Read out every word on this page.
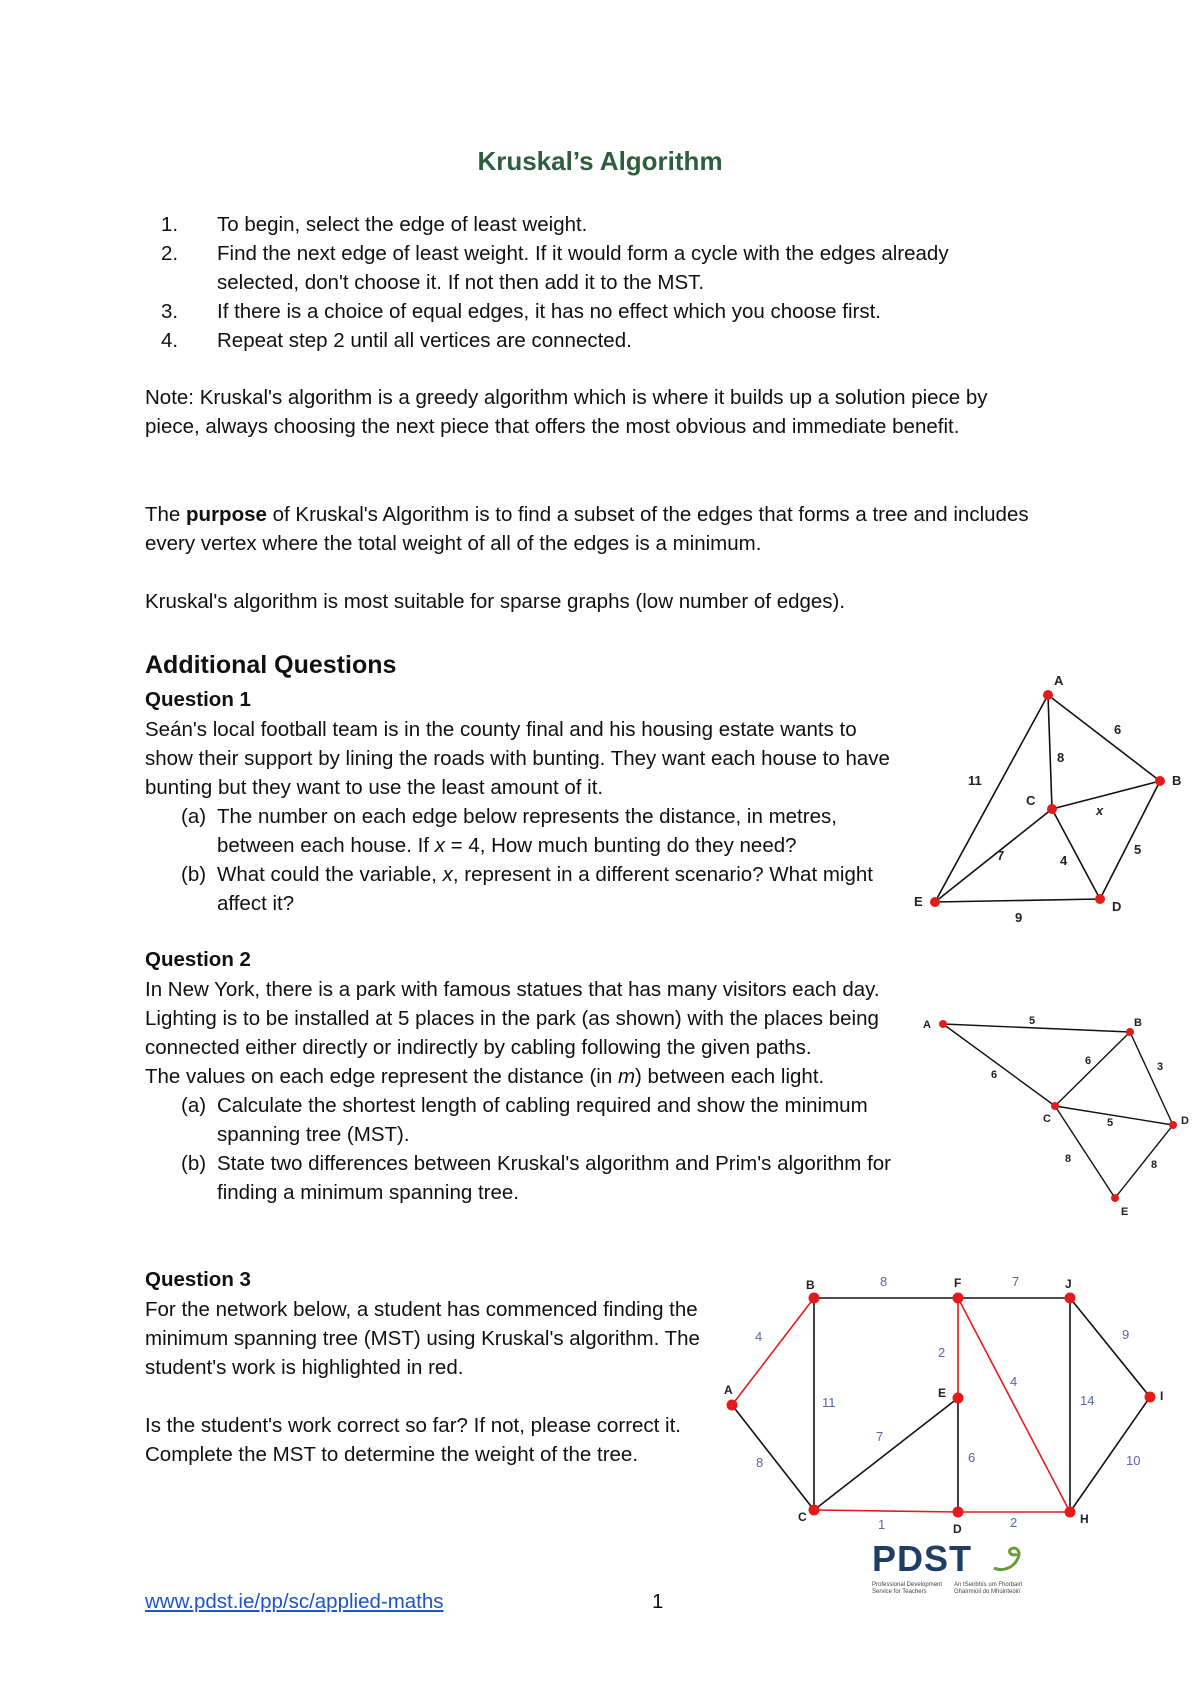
Kruskal’s Algorithm
1. To begin, select the edge of least weight.
2. Find the next edge of least weight. If it would form a cycle with the edges already selected, don't choose it. If not then add it to the MST.
3. If there is a choice of equal edges, it has no effect which you choose first.
4. Repeat step 2 until all vertices are connected.

Note: Kruskal's algorithm is a greedy algorithm which is where it builds up a solution piece by piece, always choosing the next piece that offers the most obvious and immediate benefit.

The purpose of Kruskal's Algorithm is to find a subset of the edges that forms a tree and includes every vertex where the total weight of all of the edges is a minimum.

Kruskal's algorithm is most suitable for sparse graphs (low number of edges).

Additional Questions
Question 1
Seán's local football team is in the county final and his housing estate wants to show their support by lining the roads with bunting. They want each house to have bunting but they want to use the least amount of it.
(a) The number on each edge below represents the distance, in metres, between each house. If x = 4, How much bunting do they need?
(b) What could the variable, x, represent in a different scenario? What might affect it?
Question 2
In New York, there is a park with famous statues that has many visitors each day. Lighting is to be installed at 5 places in the park (as shown) with the places being connected either directly or indirectly by cabling following the given paths.
The values on each edge represent the distance (in m) between each light.
(a) Calculate the shortest length of cabling required and show the minimum spanning tree (MST).
(b) State two differences between Kruskal's algorithm and Prim's algorithm for finding a minimum spanning tree.
Question 3
For the network below, a student has commenced finding the minimum spanning tree (MST) using Kruskal's algorithm. The student's work is highlighted in red.
Is the student's work correct so far? If not, please correct it. Complete the MST to determine the weight of the tree.
A
B
C
D
E
6
8
11
x
5
4
7
9
A	B
C	D
E
5
6
6	3
5
8	8
A
B
C
D
E
F
H
I
J
4
8	7
9
2
4
11
8
7
6
14
10
1	2
PDST
Professional Development Service for Teachers
An tSeirbhís um Fhorbairt Ghairmiúil do Mhúinteoirí
www.pdst.ie/pp/sc/applied-maths	1
